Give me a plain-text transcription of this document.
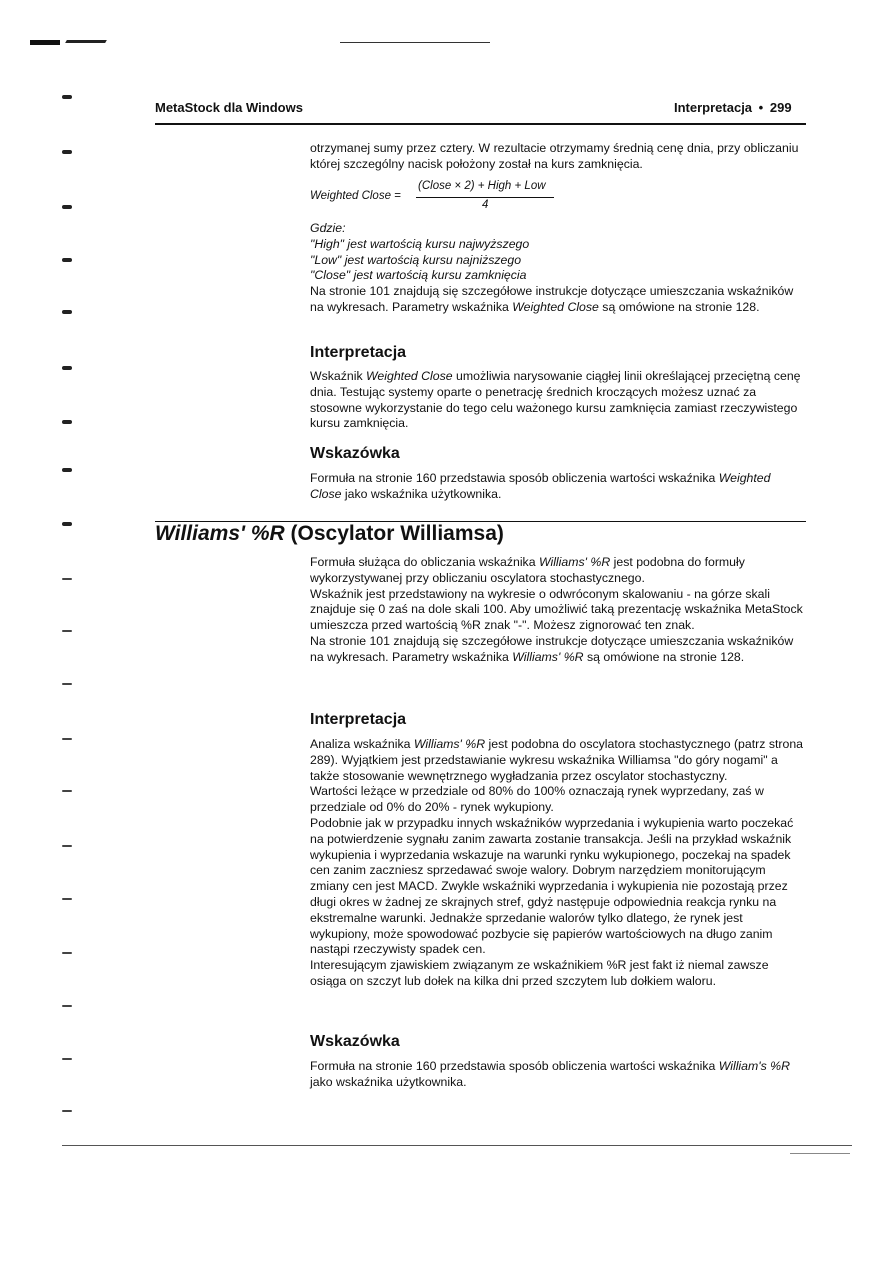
MetaStock dla Windows	Interpretacja • 299

otrzymanej sumy przez cztery. W rezultacie otrzymamy średnią cenę dnia, przy obliczaniu której szczególny nacisk położony został na kurs zamknięcia.

Weighted Close =
(Close × 2) + High + Low
4

Gdzie:

"High" jest wartością kursu najwyższego

"Low" jest wartością kursu najniższego

"Close" jest wartością kursu zamknięcia

Na stronie 101 znajdują się szczegółowe instrukcje dotyczące umieszczania wskaźników na wykresach. Parametry wskaźnika Weighted Close są omówione na stronie 128.

Interpretacja

Wskaźnik Weighted Close umożliwia narysowanie ciągłej linii określającej przeciętną cenę dnia. Testując systemy oparte o penetrację średnich kroczących możesz uznać za stosowne wykorzystanie do tego celu ważonego kursu zamknięcia zamiast rzeczywistego kursu zamknięcia.

Wskazówka

Formuła na stronie 160 przedstawia sposób obliczenia wartości wskaźnika Weighted Close jako wskaźnika użytkownika.

Williams' %R (Oscylator Williamsa)

Formuła służąca do obliczania wskaźnika Williams' %R jest podobna do formuły wykorzystywanej przy obliczaniu oscylatora stochastycznego.

Wskaźnik jest przedstawiony na wykresie o odwróconym skalowaniu - na górze skali znajduje się 0 zaś na dole skali 100. Aby umożliwić taką prezentację wskaźnika MetaStock umieszcza przed wartością %R znak "-". Możesz zignorować ten znak.

Na stronie 101 znajdują się szczegółowe instrukcje dotyczące umieszczania wskaźników na wykresach. Parametry wskaźnika Williams' %R są omówione na stronie 128.

Interpretacja

Analiza wskaźnika Williams' %R jest podobna do oscylatora stochastycznego (patrz strona 289). Wyjątkiem jest przedstawianie wykresu wskaźnika Williamsa "do góry nogami" a także stosowanie wewnętrznego wygładzania przez oscylator stochastyczny.

Wartości leżące w przedziale od 80% do 100% oznaczają rynek wyprzedany, zaś w przedziale od 0% do 20% - rynek wykupiony.

Podobnie jak w przypadku innych wskaźników wyprzedania i wykupienia warto poczekać na potwierdzenie sygnału zanim zawarta zostanie transakcja. Jeśli na przykład wskaźnik wykupienia i wyprzedania wskazuje na warunki rynku wykupionego, poczekaj na spadek cen zanim zaczniesz sprzedawać swoje walory. Dobrym narzędziem monitorującym zmiany cen jest MACD. Zwykle wskaźniki wyprzedania i wykupienia nie pozostają przez długi okres w żadnej ze skrajnych stref, gdyż następuje odpowiednia reakcja rynku na ekstremalne warunki. Jednakże sprzedanie walorów tylko dlatego, że rynek jest wykupiony, może spowodować pozbycie się papierów wartościowych na długo zanim nastąpi rzeczywisty spadek cen.

Interesującym zjawiskiem związanym ze wskaźnikiem %R jest fakt iż niemal zawsze osiąga on szczyt lub dołek na kilka dni przed szczytem lub dołkiem waloru.

Wskazówka

Formuła na stronie 160 przedstawia sposób obliczenia wartości wskaźnika William's %R jako wskaźnika użytkownika.
